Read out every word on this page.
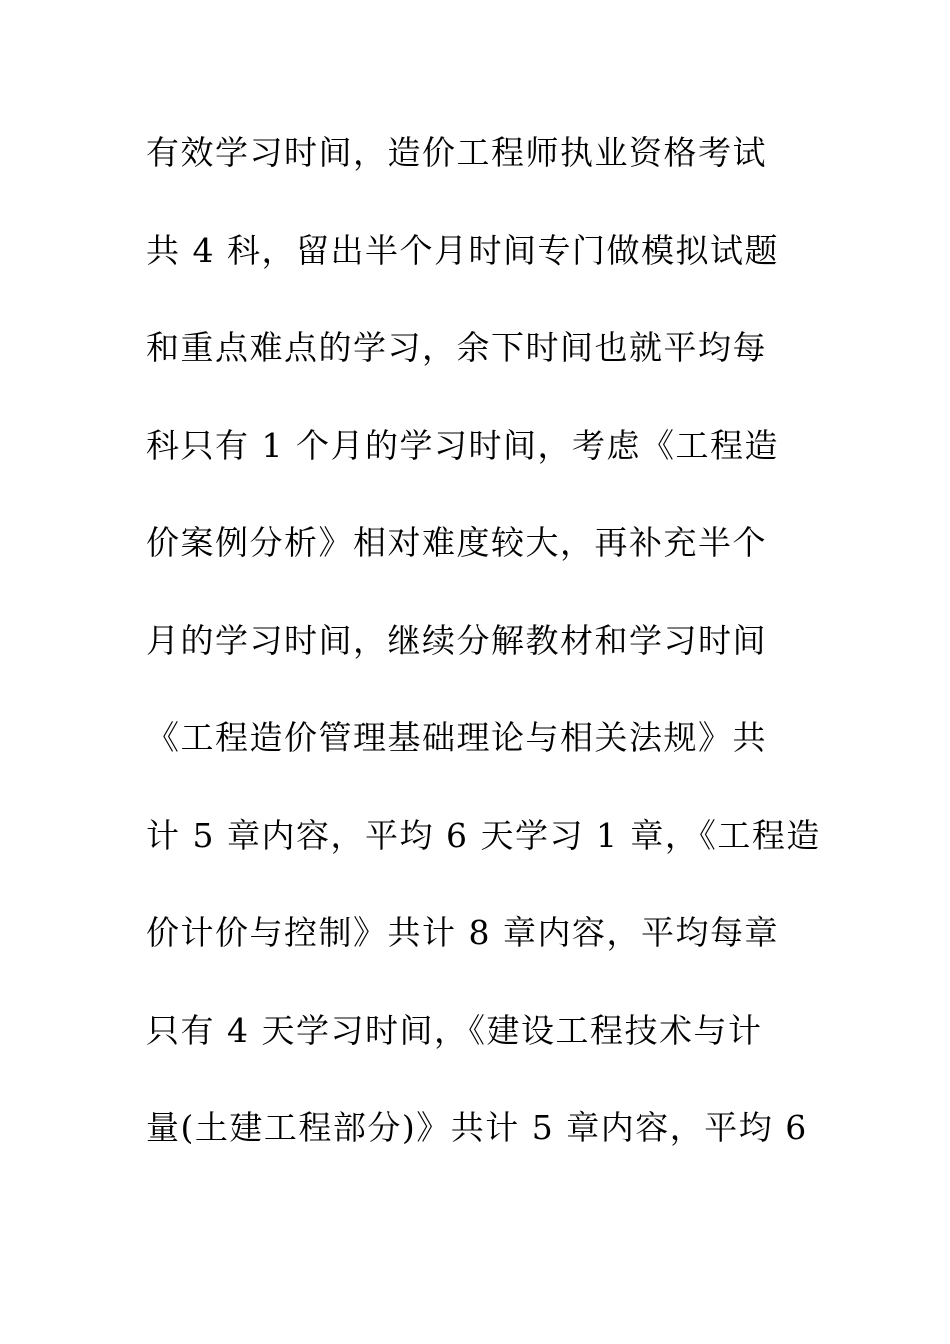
有效学习时间，造价工程师执业资格考试
共 4 科，留出半个月时间专门做模拟试题
和重点难点的学习，余下时间也就平均每
科只有 1 个月的学习时间，考虑《工程造
价案例分析》相对难度较大，再补充半个
月的学习时间，继续分解教材和学习时间
《工程造价管理基础理论与相关法规》共
计 5 章内容，平均 6 天学习 1 章，《工程造
价计价与控制》共计 8 章内容，平均每章
只有 4 天学习时间，《建设工程技术与计
量(土建工程部分)》共计 5 章内容，平均 6
